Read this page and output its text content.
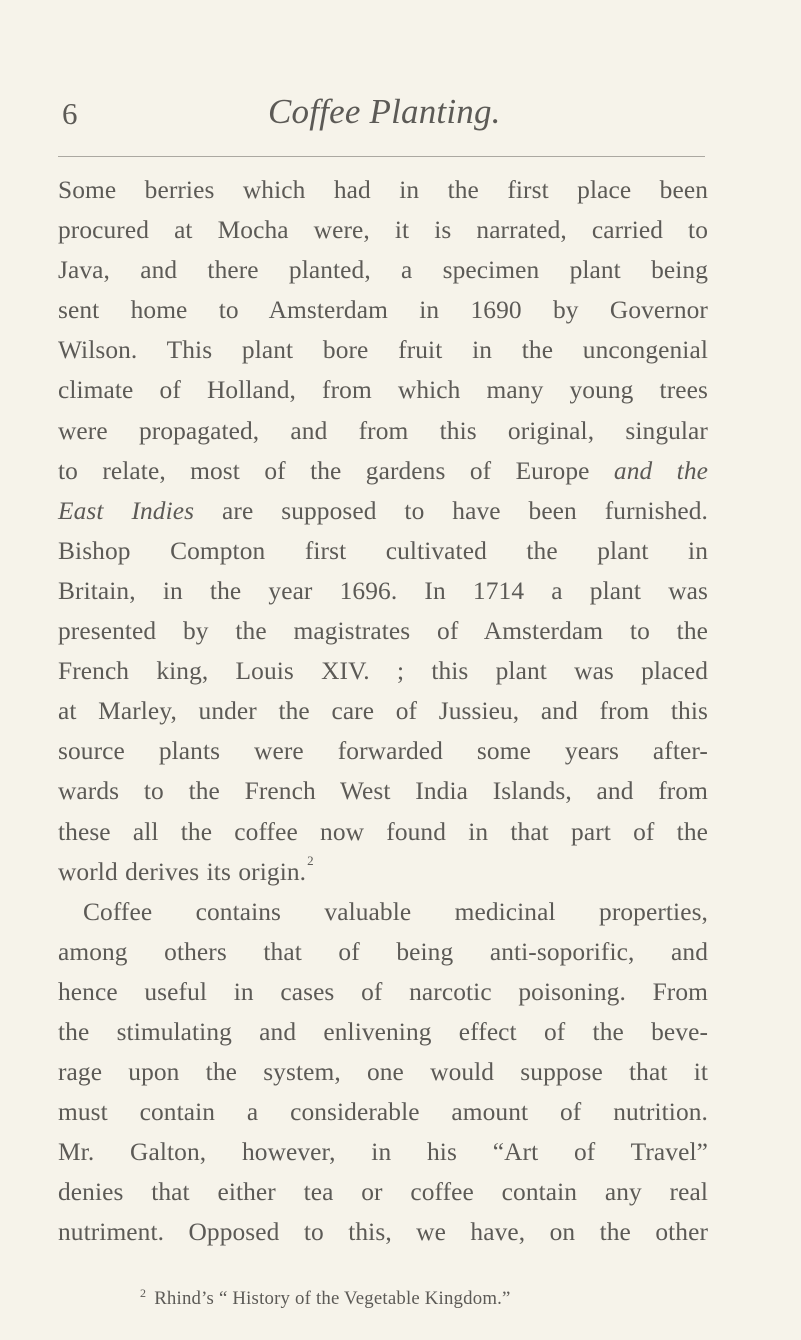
6	Coffee Planting.
Some berries which had in the first place been
procured at Mocha were, it is narrated, carried to
Java, and there planted, a specimen plant being
sent home to Amsterdam in 1690 by Governor
Wilson. This plant bore fruit in the uncongenial
climate of Holland, from which many young trees
were propagated, and from this original, singular
to relate, most of the gardens of Europe and the
East Indies are supposed to have been furnished.
Bishop Compton first cultivated the plant in
Britain, in the year 1696. In 1714 a plant was
presented by the magistrates of Amsterdam to the
French king, Louis XIV. ; this plant was placed
at Marley, under the care of Jussieu, and from this
source plants were forwarded some years after-
wards to the French West India Islands, and from
these all the coffee now found in that part of the
world derives its origin.$^2$
Coffee contains valuable medicinal properties,
among others that of being anti-soporific, and
hence useful in cases of narcotic poisoning. From
the stimulating and enlivening effect of the beve-
rage upon the system, one would suppose that it
must contain a considerable amount of nutrition.
Mr. Galton, however, in his “Art of Travel”
denies that either tea or coffee contain any real
nutriment. Opposed to this, we have, on the other
$^2$ Rhind’s “ History of the Vegetable Kingdom.”
